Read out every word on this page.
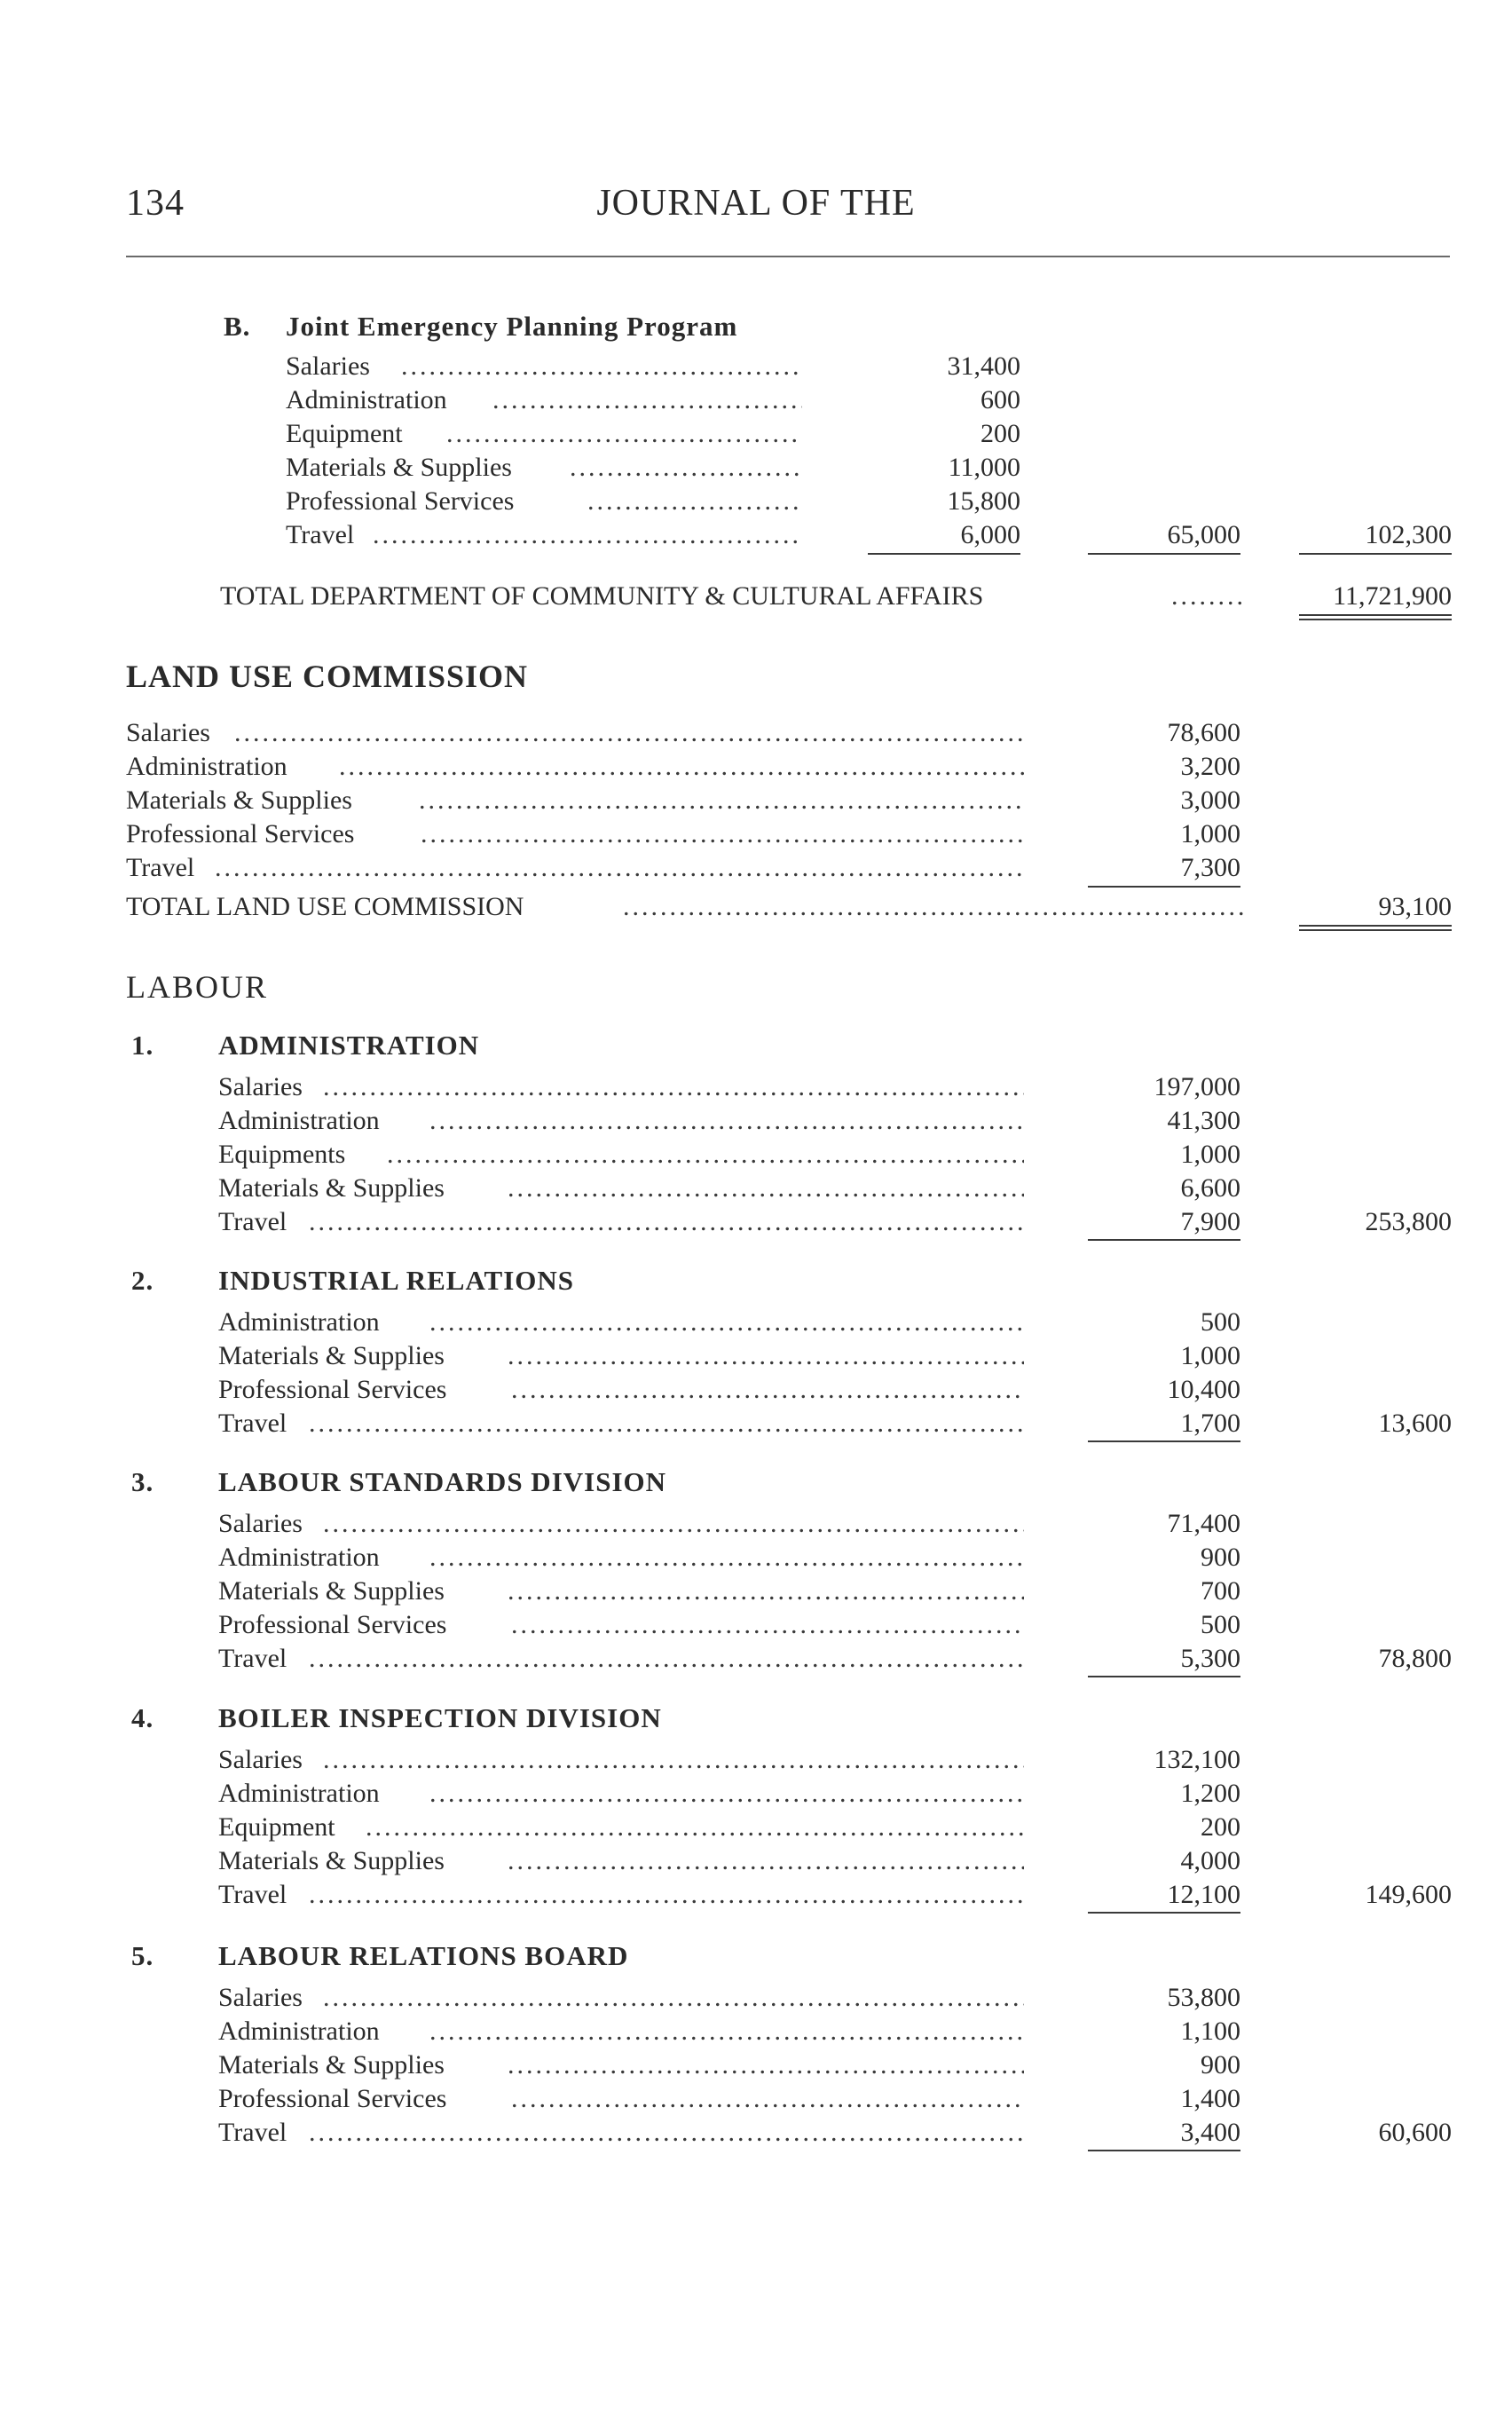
134	JOURNAL OF THE
B. Joint Emergency Planning Program
Salaries .....	31,400
Administration .....	600
Equipment .....	200
Materials & Supplies .....	11,000
Professional Services .....	15,800
Travel .....	6,000	65,000	102,300
TOTAL DEPARTMENT OF COMMUNITY & CULTURAL AFFAIRS .....	11,721,900
LAND USE COMMISSION
Salaries .....	78,600
Administration .....	3,200
Materials & Supplies .....	3,000
Professional Services .....	1,000
Travel .....	7,300
TOTAL LAND USE COMMISSION .....	93,100
LABOUR
1. ADMINISTRATION
Salaries .....	197,000
Administration .....	41,300
Equipments .....	1,000
Materials & Supplies .....	6,600
Travel .....	7,900	253,800
2. INDUSTRIAL RELATIONS
Administration .....	500
Materials & Supplies .....	1,000
Professional Services .....	10,400
Travel .....	1,700	13,600
3. LABOUR STANDARDS DIVISION
Salaries .....	71,400
Administration .....	900
Materials & Supplies .....	700
Professional Services .....	500
Travel .....	5,300	78,800
4. BOILER INSPECTION DIVISION
Salaries .....	132,100
Administration .....	1,200
Equipment .....	200
Materials & Supplies .....	4,000
Travel .....	12,100	149,600
5. LABOUR RELATIONS BOARD
Salaries .....	53,800
Administration .....	1,100
Materials & Supplies .....	900
Professional Services .....	1,400
Travel .....	3,400	60,600
